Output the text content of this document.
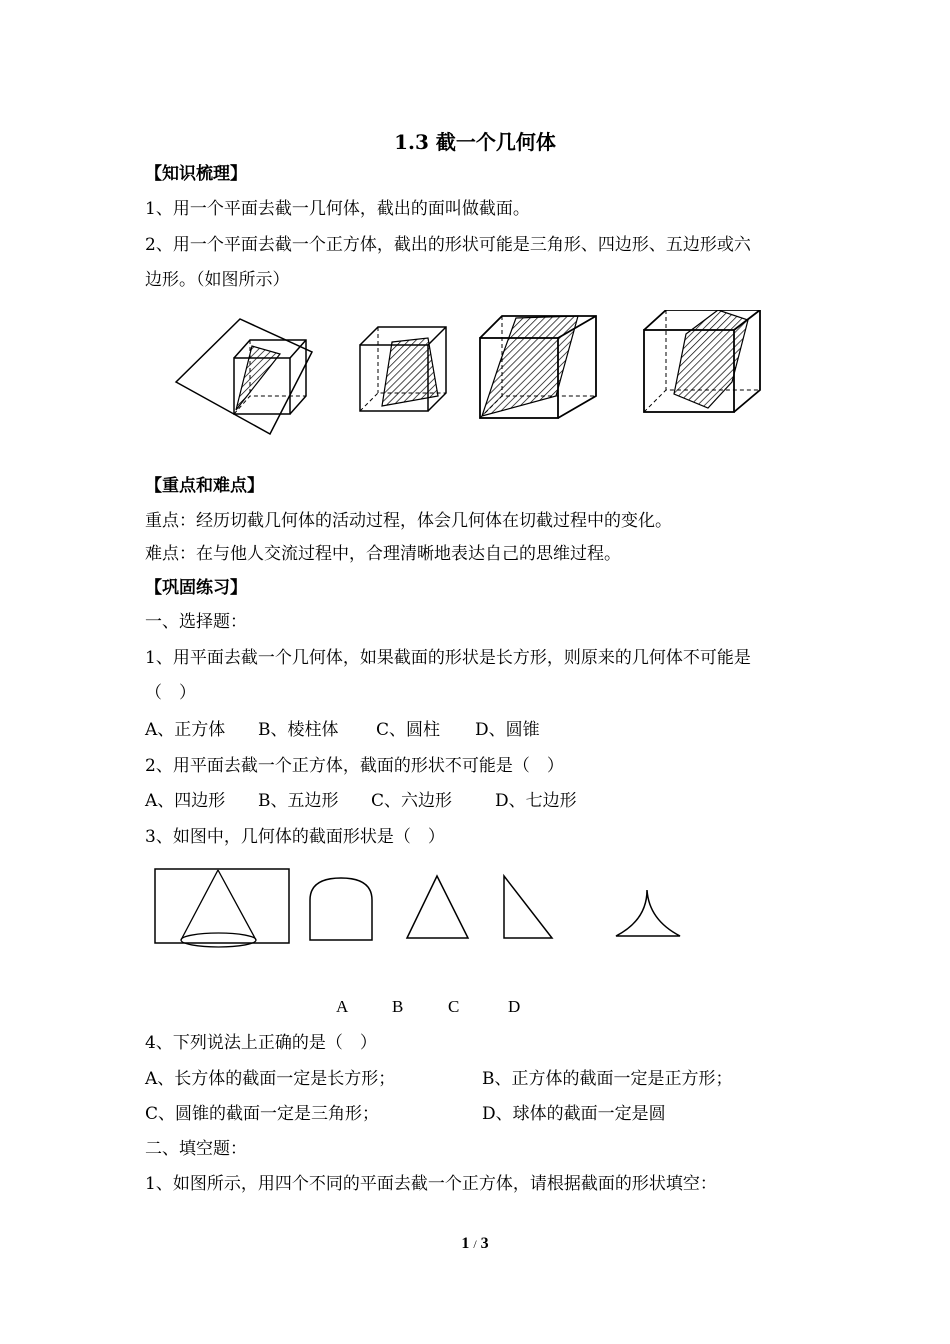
1.3 截一个几何体
【知识梳理】
1、用一个平面去截一几何体，截出的面叫做截面。
2、用一个平面去截一个正方体，截出的形状可能是三角形、四边形、五边形或六
边形。（如图所示）
【重点和难点】
重点：经历切截几何体的活动过程，体会几何体在切截过程中的变化。
难点：在与他人交流过程中，合理清晰地表达自己的思维过程。
【巩固练习】
一、选择题：
1、用平面去截一个几何体，如果截面的形状是长方形，则原来的几何体不可能是
（　）
A、正方体 B、棱柱体 C、圆柱 D、圆锥
2、用平面去截一个正方体，截面的形状不可能是（　）
A、四边形 B、五边形 C、六边形	D、七边形
3、如图中，几何体的截面形状是（　）
A	B	C	D
4、下列说法上正确的是（　）
A、长方体的截面一定是长方形；	B、正方体的截面一定是正方形；
C、圆锥的截面一定是三角形；	D、球体的截面一定是圆
二、填空题：
1、如图所示，用四个不同的平面去截一个正方体，请根据截面的形状填空：
1 / 3
